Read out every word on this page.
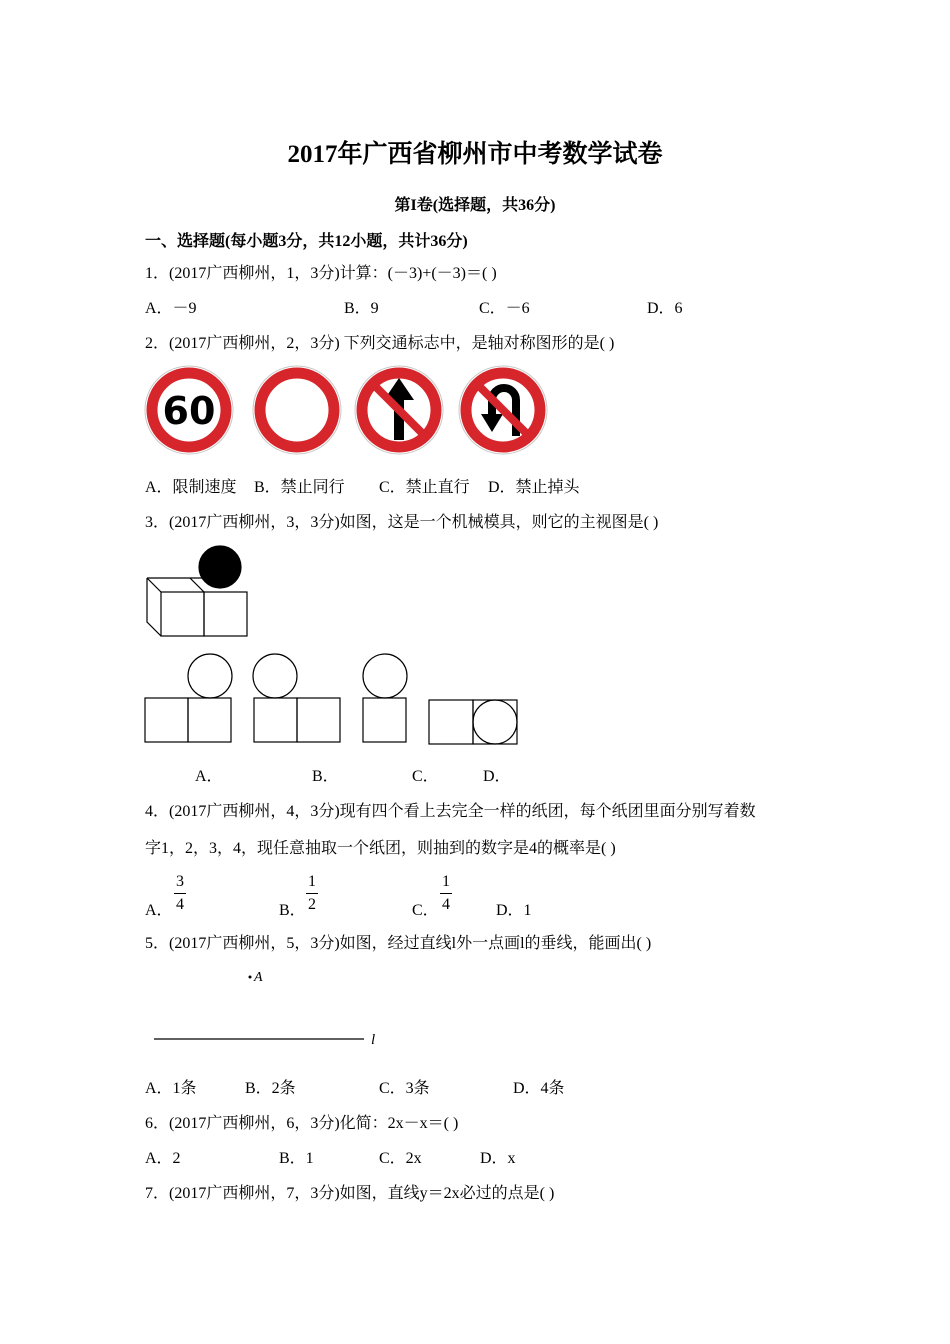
2017年广西省柳州市中考数学试卷
第I卷(选择题，共36分)
一、选择题(每小题3分，共12小题，共计36分)
1．(2017广西柳州，1，3分)计算：(－3)+(－3)＝( )
A．－9	B．9	C．－6	D．6
2．(2017广西柳州，2，3分) 下列交通标志中，是轴对称图形的是( )
60
A．限制速度 B．禁止同行 C．禁止直行 D．禁止掉头
3．(2017广西柳州，3，3分)如图，这是一个机械模具，则它的主视图是( )
A．	B．	C．	D．
4．(2017广西柳州，4，3分)现有四个看上去完全一样的纸团，每个纸团里面分别写着数
字1，2，3，4，现任意抽取一个纸团，则抽到的数字是4的概率是( )
A．
3
4	B．
1
2	C．
1
4	D．1
5．(2017广西柳州，5，3分)如图，经过直线l外一点画l的垂线，能画出( )
A
l
A．1条	B．2条	C．3条	D．4条
6．(2017广西柳州，6，3分)化简：2x－x＝( )
A．2	B．1	C．2x	D．x
7．(2017广西柳州，7，3分)如图，直线y＝2x必过的点是( )
